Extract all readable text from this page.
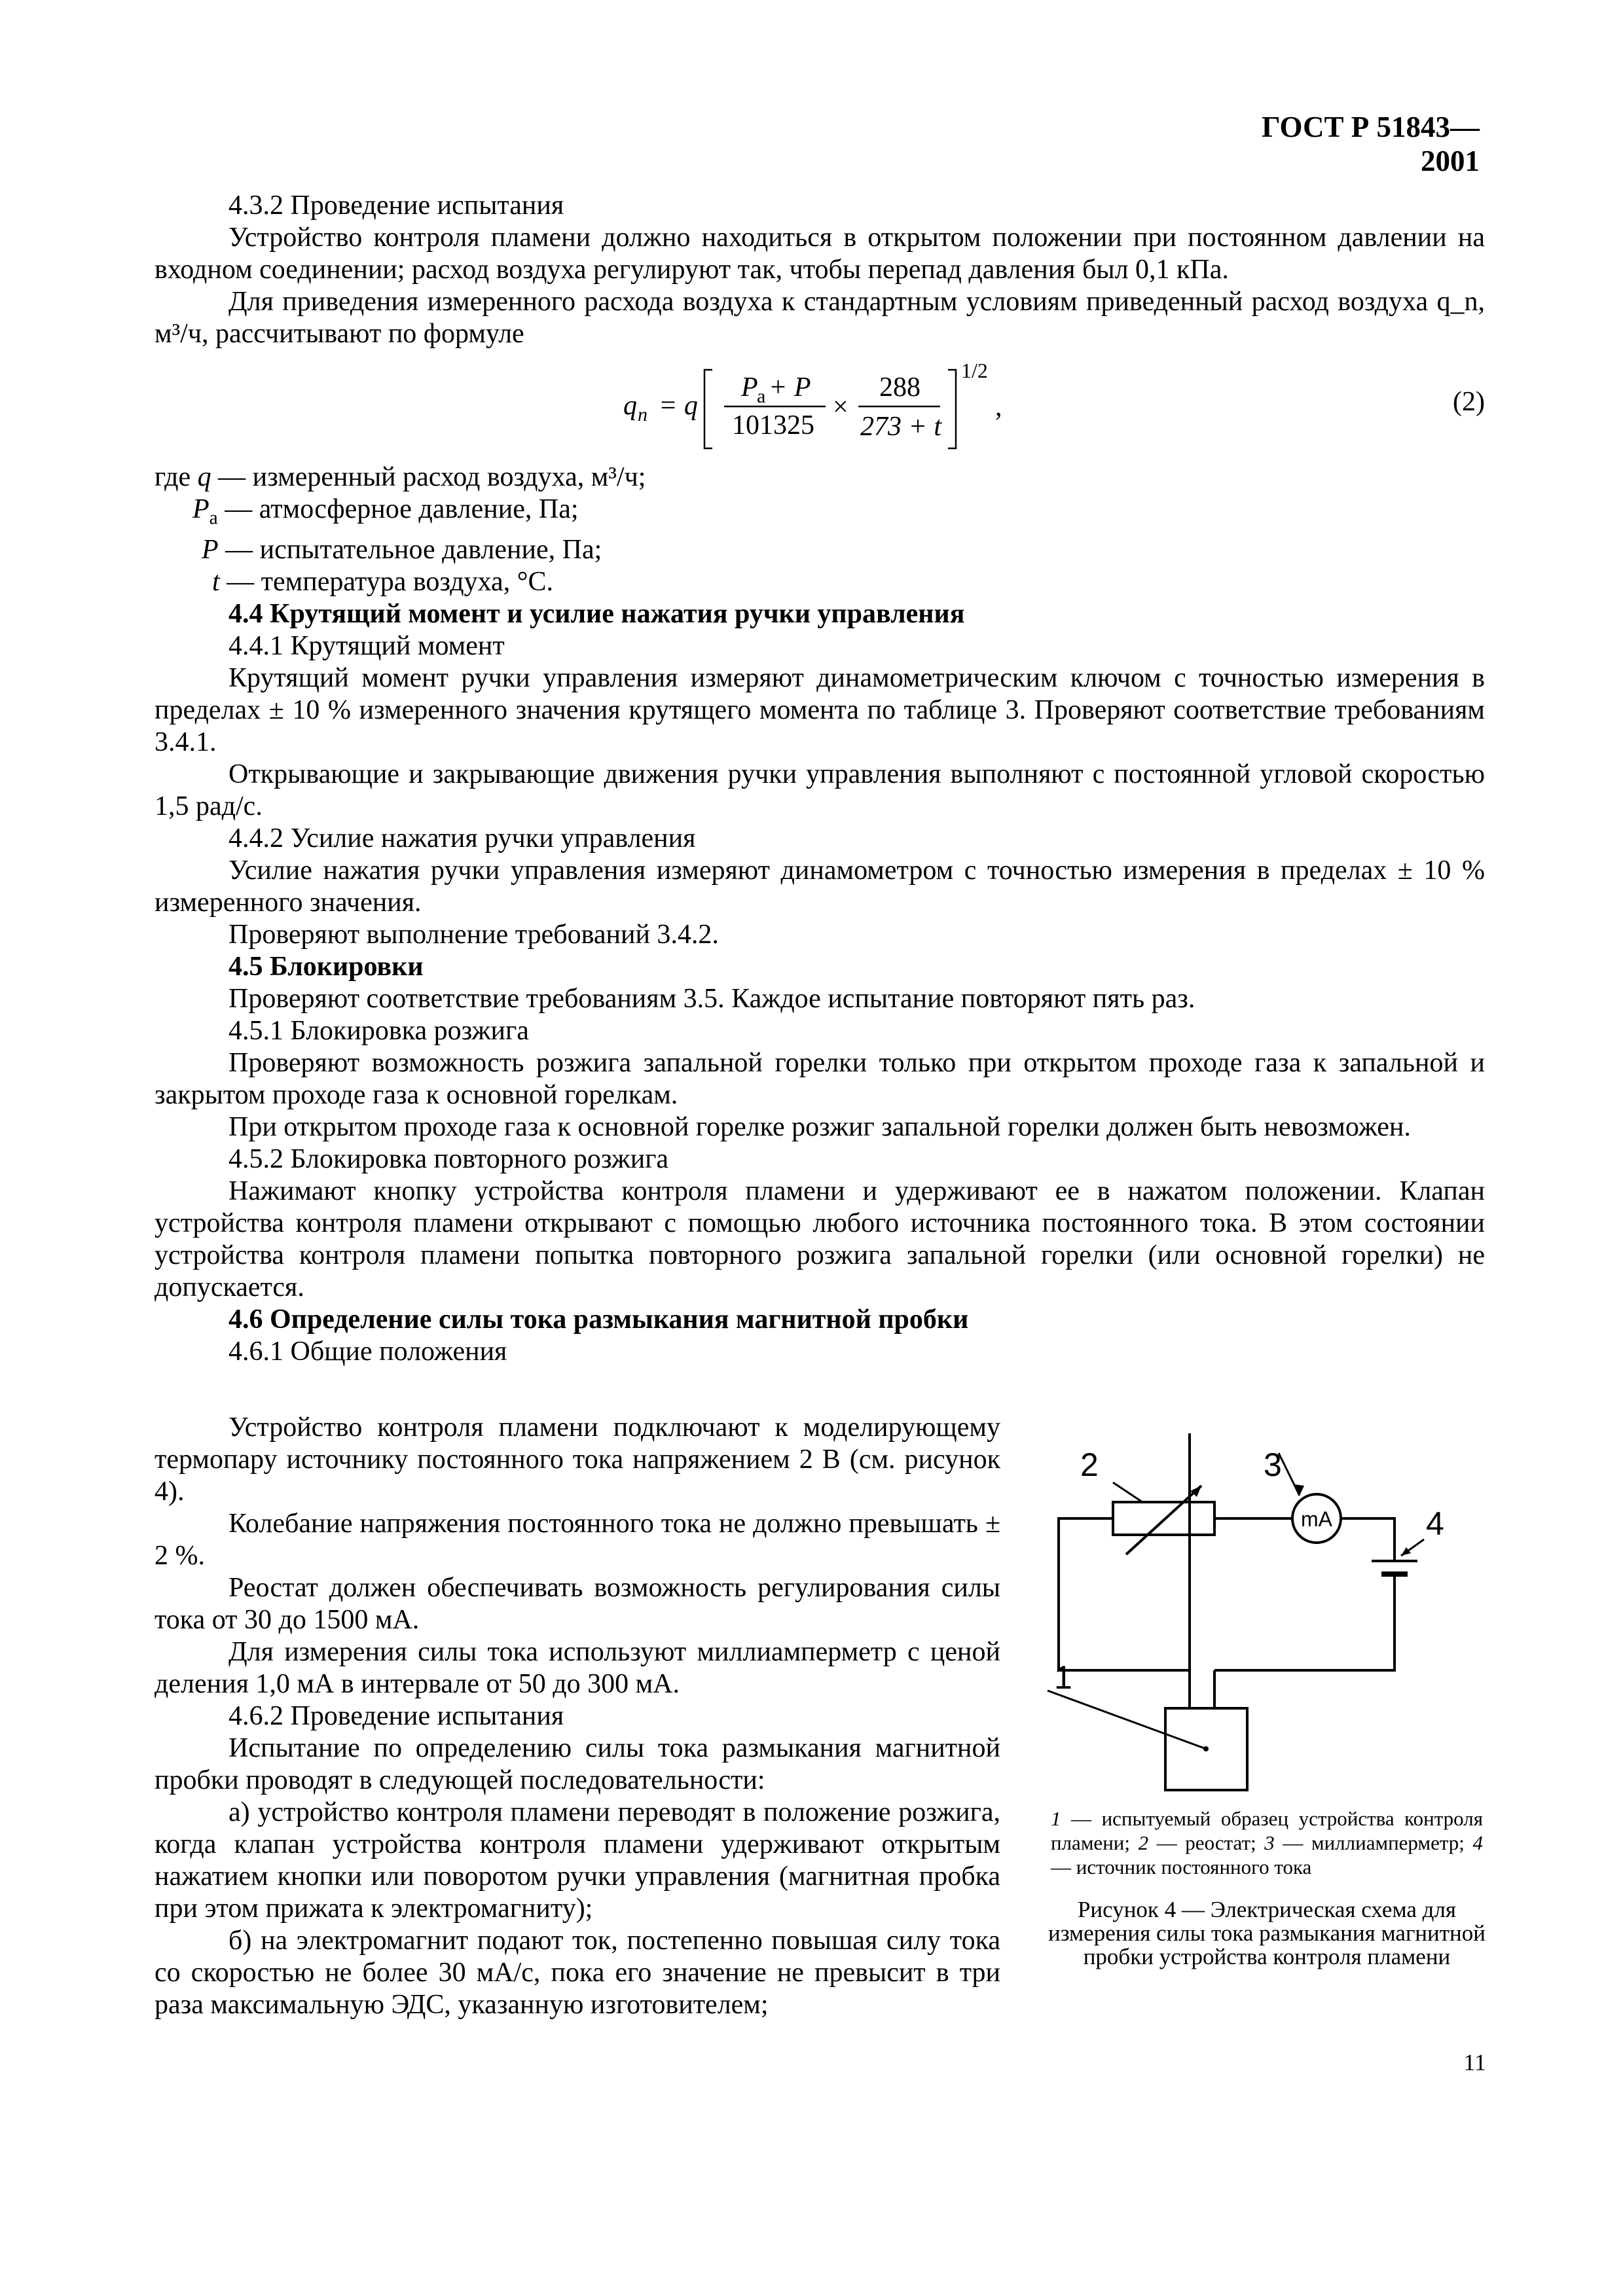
ГОСТ Р 51843—2001

4.3.2 Проведение испытания

Устройство контроля пламени должно находиться в открытом положении при постоянном давлении на входном соединении; расход воздуха регулируют так, чтобы перепад давления был 0,1 кПа.

Для приведения измеренного расхода воздуха к стандартным условиям приведенный расход воздуха q_n, м³/ч, рассчитывают по формуле

q n = q
P
a + P
101325
×
288
273 + t
1/2
,	(2)

где q — измеренный расход воздуха, м³/ч;

$P_a$ — атмосферное давление, Па;

P — испытательное давление, Па;

t — температура воздуха, °С.

4.4 Крутящий момент и усилие нажатия ручки управления

4.4.1 Крутящий момент

Крутящий момент ручки управления измеряют динамометрическим ключом с точностью измерения в пределах ± 10 % измеренного значения крутящего момента по таблице 3. Проверяют соответствие требованиям 3.4.1.

Открывающие и закрывающие движения ручки управления выполняют с постоянной угловой скоростью 1,5 рад/с.

4.4.2 Усилие нажатия ручки управления

Усилие нажатия ручки управления измеряют динамометром с точностью измерения в пределах ± 10 % измеренного значения.

Проверяют выполнение требований 3.4.2.

4.5 Блокировки

Проверяют соответствие требованиям 3.5. Каждое испытание повторяют пять раз.

4.5.1 Блокировка розжига

Проверяют возможность розжига запальной горелки только при открытом проходе газа к запальной и закрытом проходе газа к основной горелкам.

При открытом проходе газа к основной горелке розжиг запальной горелки должен быть невозможен.

4.5.2 Блокировка повторного розжига

Нажимают кнопку устройства контроля пламени и удерживают ее в нажатом положении. Клапан устройства контроля пламени открывают с помощью любого источника постоянного тока. В этом состоянии устройства контроля пламени попытка повторного розжига запальной горелки (или основной горелки) не допускается.

4.6 Определение силы тока размыкания магнитной пробки

4.6.1 Общие положения

Устройство контроля пламени подключают к моделирующему термопару источнику постоянного тока напряжением 2 В (см. рисунок 4).

Колебание напряжения постоянного тока не должно превышать ± 2 %.

Реостат должен обеспечивать возможность регулирования силы тока от 30 до 1500 мА.

Для измерения силы тока используют миллиамперметр с ценой деления 1,0 мА в интервале от 50 до 300 мА.

4.6.2 Проведение испытания

Испытание по определению силы тока размыкания магнитной пробки проводят в следующей последовательности:

а) устройство контроля пламени переводят в положение розжига, когда клапан устройства контроля пламени удерживают открытым нажатием кнопки или поворотом ручки управления (магнитная пробка при этом прижата к электромагниту);

б) на электромагнит подают ток, постепенно повышая силу тока со скоростью не более 30 мА/с, пока его значение не превысит в три раза максимальную ЭДС, указанную изготовителем;

1
2	3
4
mA
1 — испытуемый образец устройства контроля пламени; 2 — реостат; 3 — миллиамперметр; 4 — источник постоянного тока
Рисунок 4 — Электрическая схема для измерения силы тока размыкания магнитной пробки устройства контроля пламени
11
